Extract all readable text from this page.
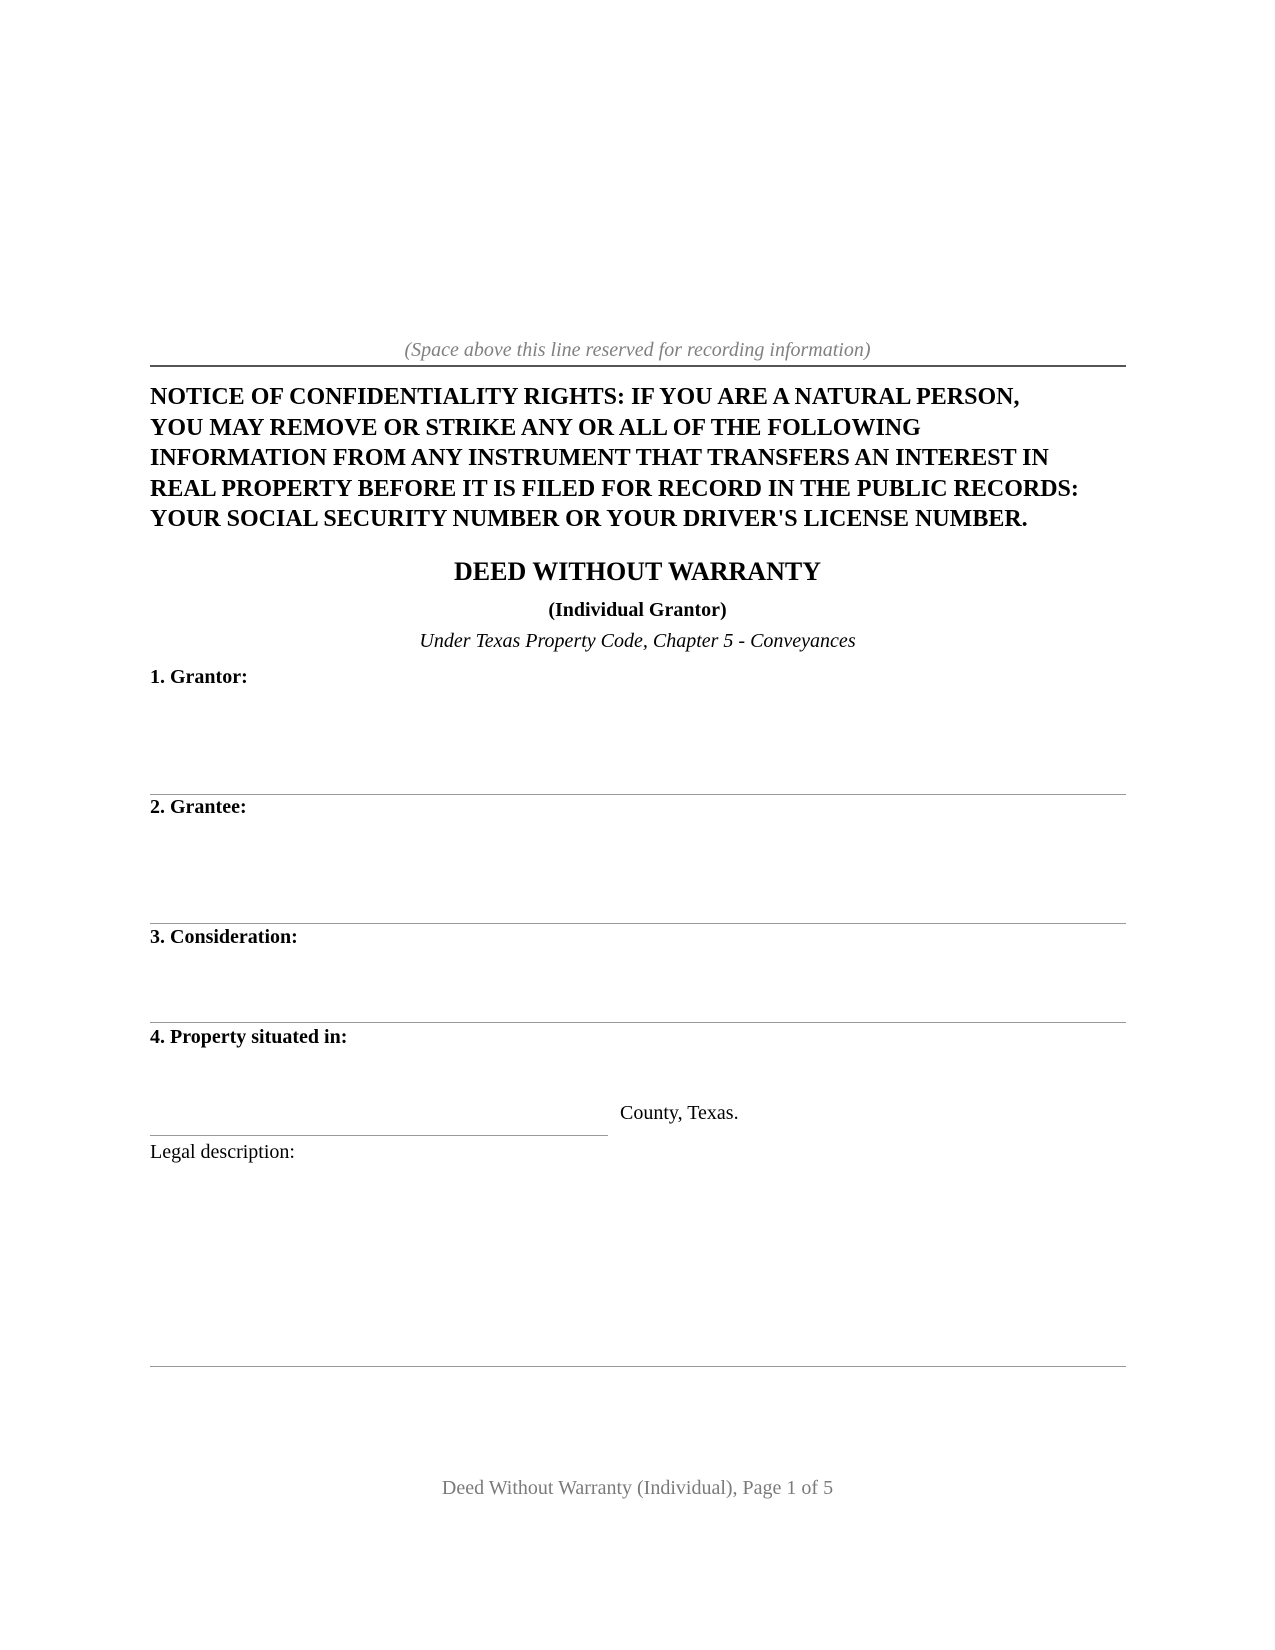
(Space above this line reserved for recording information)
NOTICE OF CONFIDENTIALITY RIGHTS: IF YOU ARE A NATURAL PERSON,
YOU MAY REMOVE OR STRIKE ANY OR ALL OF THE FOLLOWING
INFORMATION FROM ANY INSTRUMENT THAT TRANSFERS AN INTEREST IN
REAL PROPERTY BEFORE IT IS FILED FOR RECORD IN THE PUBLIC RECORDS:
YOUR SOCIAL SECURITY NUMBER OR YOUR DRIVER'S LICENSE NUMBER.
DEED WITHOUT WARRANTY
(Individual Grantor)
Under Texas Property Code, Chapter 5 - Conveyances
1. Grantor:
2. Grantee:
3. Consideration:
4. Property situated in:
County, Texas.
Legal description:
Deed Without Warranty (Individual), Page 1 of 5
